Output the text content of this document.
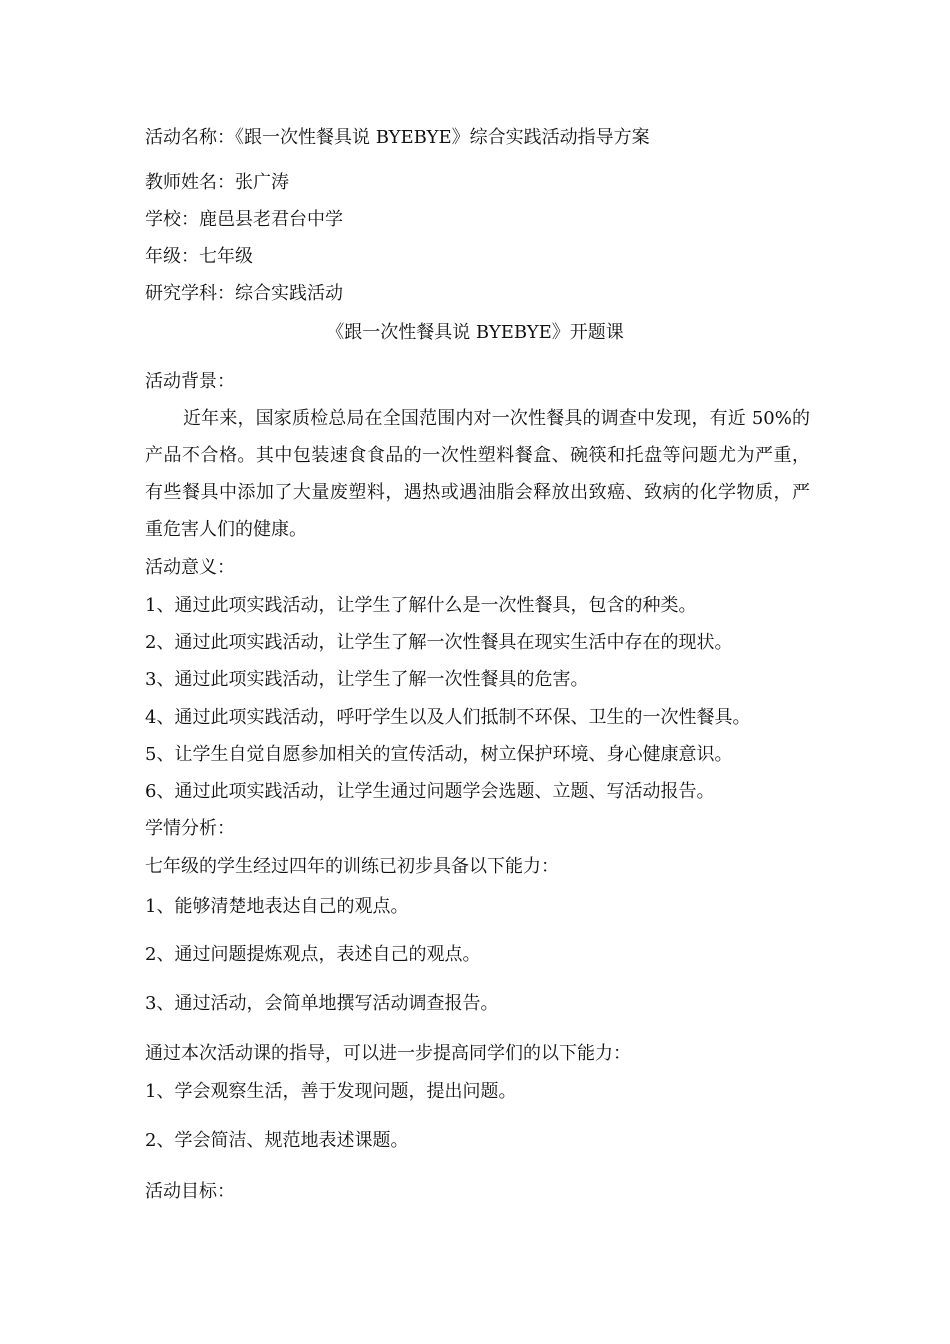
活动名称：《跟一次性餐具说 BYEBYE》综合实践活动指导方案
教师姓名：张广涛
学校：鹿邑县老君台中学
年级：七年级
研究学科：综合实践活动
《跟一次性餐具说 BYEBYE》开题课
活动背景：
近年来，国家质检总局在全国范围内对一次性餐具的调查中发现，有近 50%的产品不合格。其中包装速食食品的一次性塑料餐盒、碗筷和托盘等问题尤为严重，有些餐具中添加了大量废塑料，遇热或遇油脂会释放出致癌、致病的化学物质，严重危害人们的健康。
活动意义：
1、通过此项实践活动，让学生了解什么是一次性餐具，包含的种类。
2、通过此项实践活动，让学生了解一次性餐具在现实生活中存在的现状。
3、通过此项实践活动，让学生了解一次性餐具的危害。
4、通过此项实践活动，呼吁学生以及人们抵制不环保、卫生的一次性餐具。
5、让学生自觉自愿参加相关的宣传活动，树立保护环境、身心健康意识。
6、通过此项实践活动，让学生通过问题学会选题、立题、写活动报告。
学情分析：
七年级的学生经过四年的训练已初步具备以下能力：
1、能够清楚地表达自己的观点。
2、通过问题提炼观点，表述自己的观点。
3、通过活动，会简单地撰写活动调查报告。
通过本次活动课的指导，可以进一步提高同学们的以下能力：
1、学会观察生活，善于发现问题，提出问题。
2、学会简洁、规范地表述课题。
活动目标：
